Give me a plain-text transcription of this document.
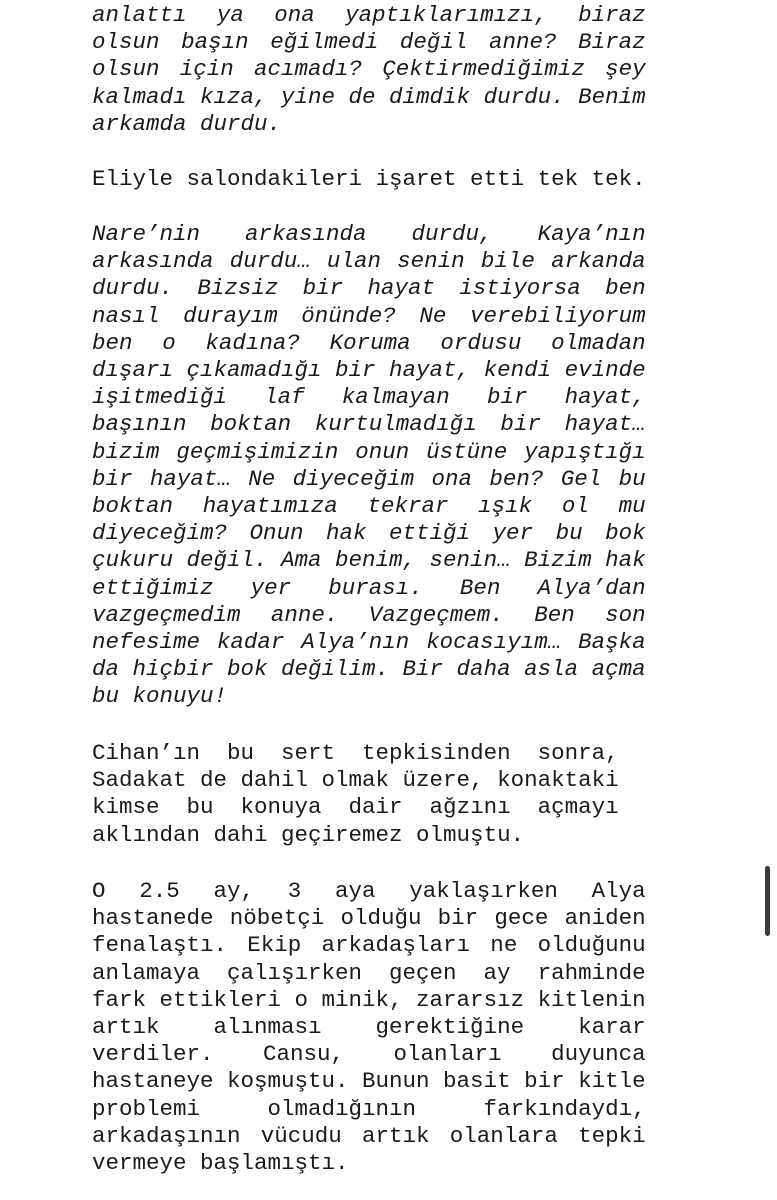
anlattı ya ona yaptıklarımızı, biraz
olsun başın eğilmedi değil anne? Biraz
olsun için acımadı? Çektirmediğimiz şey
kalmadı kıza, yine de dimdik durdu. Benim
arkamda durdu.
Eliyle salondakileri işaret etti tek tek.
Nare’nin arkasında durdu, Kaya’nın
arkasında durdu… ulan senin bile arkanda
durdu. Bizsiz bir hayat istiyorsa ben
nasıl durayım önünde? Ne verebiliyorum
ben o kadına? Koruma ordusu olmadan
dışarı çıkamadığı bir hayat, kendi evinde
işitmediği laf kalmayan bir hayat,
başının boktan kurtulmadığı bir hayat…
bizim geçmişimizin onun üstüne yapıştığı
bir hayat… Ne diyeceğim ona ben? Gel bu
boktan hayatımıza tekrar ışık ol mu
diyeceğim? Onun hak ettiği yer bu bok
çukuru değil. Ama benim, senin… Bizim hak
ettiğimiz yer burası. Ben Alya’dan
vazgeçmedim anne. Vazgeçmem. Ben son
nefesime kadar Alya’nın kocasıyım… Başka
da hiçbir bok değilim. Bir daha asla açma
bu konuyu!
Cihan’ın bu sert tepkisinden sonra,
Sadakat de dahil olmak üzere, konaktaki
kimse bu konuya dair ağzını açmayı
aklından dahi geçiremez olmuştu.
O 2.5 ay, 3 aya yaklaşırken Alya
hastanede nöbetçi olduğu bir gece aniden
fenalaştı. Ekip arkadaşları ne olduğunu
anlamaya çalışırken geçen ay rahminde
fark ettikleri o minik, zararsız kitlenin
artık alınması gerektiğine karar
verdiler. Cansu, olanları duyunca
hastaneye koşmuştu. Bunun basit bir kitle
problemi olmadığının farkındaydı,
arkadaşının vücudu artık olanlara tepki
vermeye başlamıştı.
